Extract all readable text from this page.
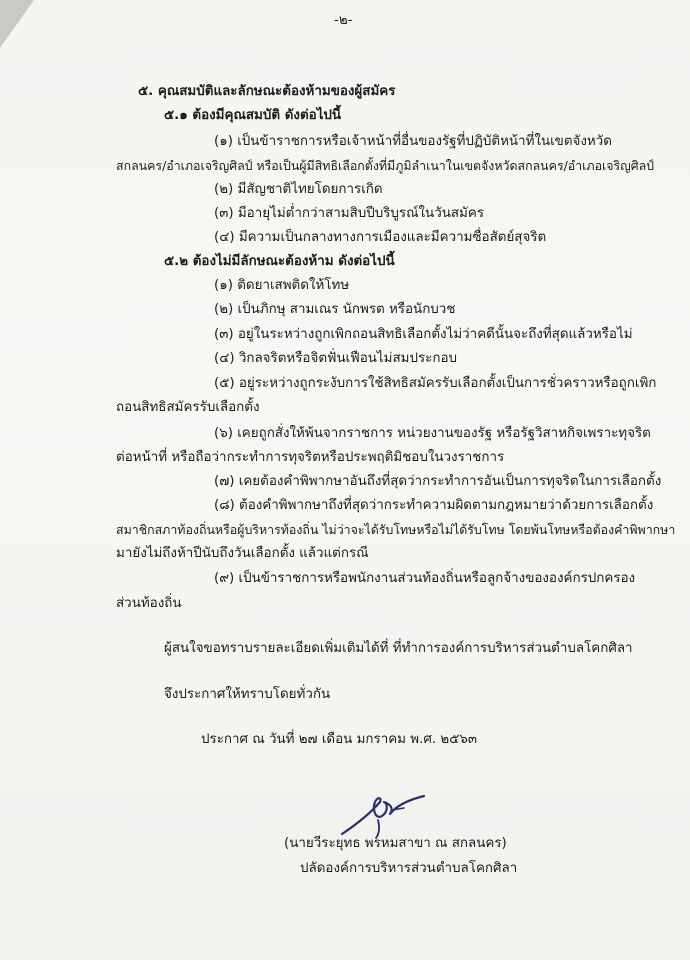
-๒-
๕. คุณสมบัติและลักษณะต้องห้ามของผู้สมัคร
๕.๑ ต้องมีคุณสมบัติ ดังต่อไปนี้
(๑) เป็นข้าราชการหรือเจ้าหน้าที่อื่นของรัฐที่ปฏิบัติหน้าที่ในเขตจังหวัด
สกลนคร/อำเภอเจริญศิลป์ หรือเป็นผู้มีสิทธิเลือกตั้งที่มีภูมิลำเนาในเขตจังหวัดสกลนคร/อำเภอเจริญศิลป์
(๒) มีสัญชาติไทยโดยการเกิด
(๓) มีอายุไม่ต่ำกว่าสามสิบปีบริบูรณ์ในวันสมัคร
(๔) มีความเป็นกลางทางการเมืองและมีความซื่อสัตย์สุจริต
๕.๒ ต้องไม่มีลักษณะต้องห้าม ดังต่อไปนี้
(๑) ติดยาเสพติดให้โทษ
(๒) เป็นภิกษุ สามเณร นักพรต หรือนักบวช
(๓) อยู่ในระหว่างถูกเพิกถอนสิทธิเลือกตั้งไม่ว่าคดีนั้นจะถึงที่สุดแล้วหรือไม่
(๔) วิกลจริตหรือจิตฟั่นเฟือนไม่สมประกอบ
(๕) อยู่ระหว่างถูกระงับการใช้สิทธิสมัครรับเลือกตั้งเป็นการชั่วคราวหรือถูกเพิก
ถอนสิทธิสมัครรับเลือกตั้ง
(๖) เคยถูกสั่งให้พ้นจากราชการ หน่วยงานของรัฐ หรือรัฐวิสาหกิจเพราะทุจริต
ต่อหน้าที่ หรือถือว่ากระทำการทุจริตหรือประพฤติมิชอบในวงราชการ
(๗) เคยต้องคำพิพากษาอันถึงที่สุดว่ากระทำการอันเป็นการทุจริตในการเลือกตั้ง
(๘) ต้องคำพิพากษาถึงที่สุดว่ากระทำความผิดตามกฎหมายว่าด้วยการเลือกตั้ง
สมาชิกสภาท้องถิ่นหรือผู้บริหารท้องถิ่น ไม่ว่าจะได้รับโทษหรือไม่ได้รับโทษ โดยพ้นโทษหรือต้องคำพิพากษา
มายังไม่ถึงห้าปีนับถึงวันเลือกตั้ง แล้วแต่กรณี
(๙) เป็นข้าราชการหรือพนักงานส่วนท้องถิ่นหรือลูกจ้างขององค์กรปกครอง
ส่วนท้องถิ่น
ผู้สนใจขอทราบรายละเอียดเพิ่มเติมได้ที่ ที่ทำการองค์การบริหารส่วนตำบลโคกศิลา
จึงประกาศให้ทราบโดยทั่วกัน
ประกาศ ณ วันที่ ๒๗ เดือน มกราคม พ.ศ. ๒๕๖๓
(นายวีระยุทธ พรหมสาขา ณ สกลนคร)
ปลัดองค์การบริหารส่วนตำบลโคกศิลา
